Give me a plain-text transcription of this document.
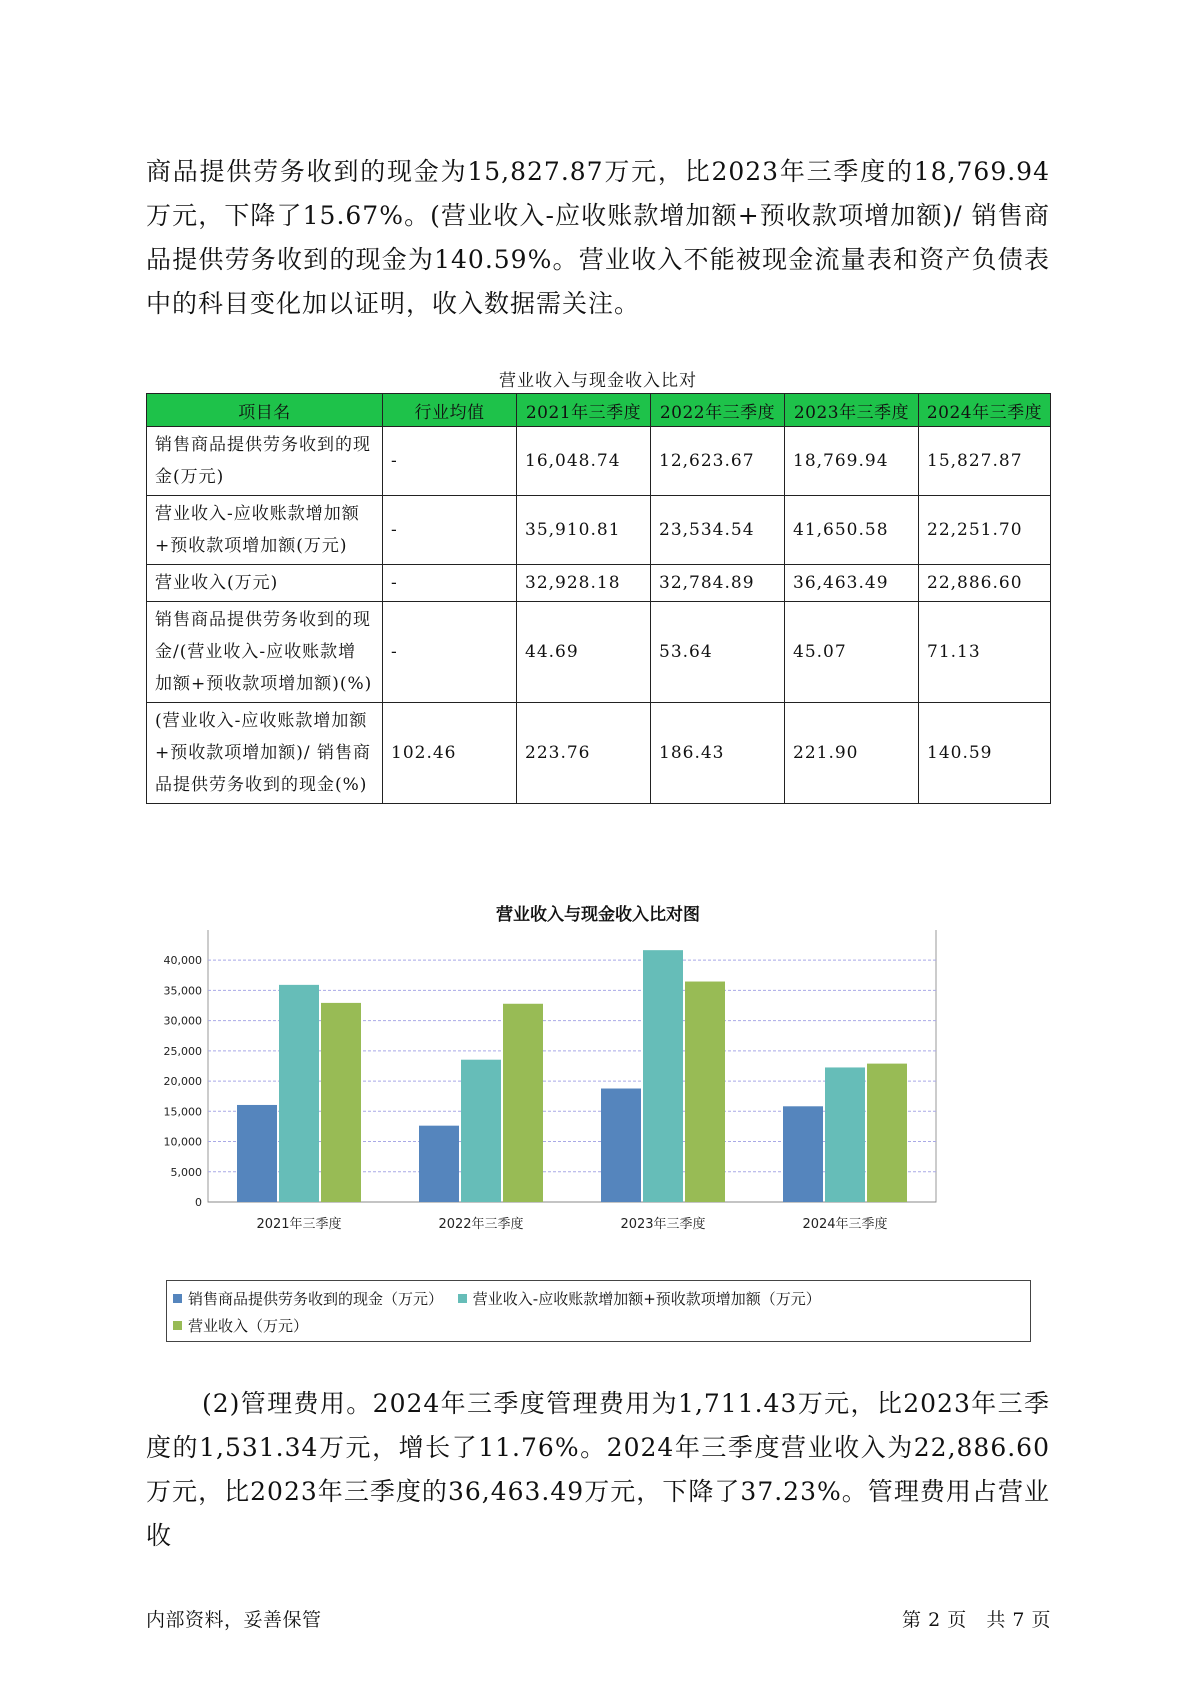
商品提供劳务收到的现金为15,827.87万元，比2023年三季度的18,769.94万元，下降了15.67%。(营业收入-应收账款增加额+预收款项增加额)/ 销售商品提供劳务收到的现金为140.59%。营业收入不能被现金流量表和资产负债表中的科目变化加以证明，收入数据需关注。

营业收入与现金收入比对
项目名	行业均值	2021年三季度	2022年三季度	2023年三季度	2024年三季度
销售商品提供劳务收到的现金(万元)	-	16,048.74	12,623.67	18,769.94	15,827.87
营业收入-应收账款增加额+预收款项增加额(万元)	-	35,910.81	23,534.54	41,650.58	22,251.70
营业收入(万元)	-	32,928.18	32,784.89	36,463.49	22,886.60
销售商品提供劳务收到的现金/(营业收入-应收账款增加额+预收款项增加额)(%)	-	44.69	53.64	45.07	71.13
(营业收入-应收账款增加额+预收款项增加额)/ 销售商品提供劳务收到的现金(%)	102.46	223.76	186.43	221.90	140.59
营业收入与现金收入比对图
0
5,000
10,000
15,000
20,000
25,000
30,000
35,000
40,000
2021年三季度	2022年三季度	2023年三季度	2024年三季度
销售商品提供劳务收到的现金（万元）
营业收入-应收账款增加额+预收款项增加额（万元）

营业收入（万元）

(2)管理费用。2024年三季度管理费用为1,711.43万元，比2023年三季度的1,531.34万元，增长了11.76%。2024年三季度营业收入为22,886.60万元，比2023年三季度的36,463.49万元，下降了37.23%。管理费用占营业收

内部资料，妥善保管	第 2 页   共 7 页
